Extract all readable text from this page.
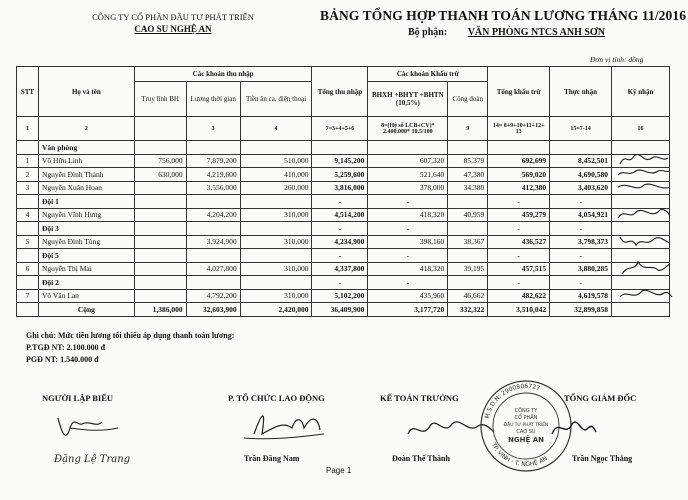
CÔNG TY CỔ PHẦN ĐẦU TƯ PHÁT TRIỂN
CAO SU NGHỆ AN
BẢNG TỔNG HỢP THANH TOÁN LƯƠNG THÁNG 11/2016
Bộ phận: VĂN PHÒNG NTCS ANH SƠN
Đơn vị tính: đồng
STT	Họ và tên	Các khoản thu nhập			Tổng thu nhập	Các khoản Khấu trừ		Tổng khấu trừ	Thực nhận	Ký nhận
		Truy lĩnh BH	Lương thời gian	Tiền ăn ca, điện thoại		BHXH +BHYT +BHTN (10,5%)	Công đoàn			
1	2		3	4	7=3+4+5+6	8=(Hệ số LCB+CV)* 2.400.000* 10.5/100	9	14= 8+9+10+11+12+ 13	15=7-14	16
	Văn phòng									
1	Võ Hữu Linh	756,000	7,879,200	510,000	9,145,200	607,320	85,379	692,699	8,452,501	

2	Nguyễn Đình Thành	630,000	4,219,600	410,000	5,259,600	521,640	47,380	569,020	4,690,580	

3	Nguyễn Xuân Hoan		3,556,000	260,000	3,816,000	378,000	34,380	412,380	3,403,620	

	Đội 1				-	-		-	-	
4	Nguyễn Vĩnh Hưng		4,204,200	310,000	4,514,200	418,320	40,959	459,279	4,054,921	

	Đội 3				-	-		-	-	
5	Nguyễn Đình Tùng		3,924,900	310,000	4,234,900	398,160	38,367	436,527	3,798,373	

	Đội 5				-	-		-	-	
6	Nguyễn Thị Mai		4,027,800	310,000	4,337,800	418,320	39,195	457,515	3,880,285	

	Đội 2				-	-		-	-	
7	Võ Văn Lan		4,792,200	310,000	5,102,200	435,960	46,662	482,622	4,619,578	

	Cộng	1,386,000	32,603,900	2,420,000	36,409,900	3,177,720	332,322	3,510,042	32,899,858	
Ghi chú: Mức tiền lương tối thiểu áp dụng thanh toán lương:
P.TGĐ NT: 2.100.000 đ
PGĐ NT: 1.540.000 đ
NGƯỜI LẬP BIỂU	P. TỔ CHỨC LAO ĐỘNG	KẾ TOÁN TRƯỞNG	TỔNG GIÁM ĐỐC
Đặng Lệ Trang
M.S.D.N: 2900806727
TP. VINH - T. NGHỆ AN
CÔNG TY
CỔ PHẦN
ĐẦU TƯ PHÁT TRIỂN
CAO SU
NGHỆ AN
Trần Đăng Nam	Đoàn Thế Thành	Trần Ngọc Thắng
Page 1
